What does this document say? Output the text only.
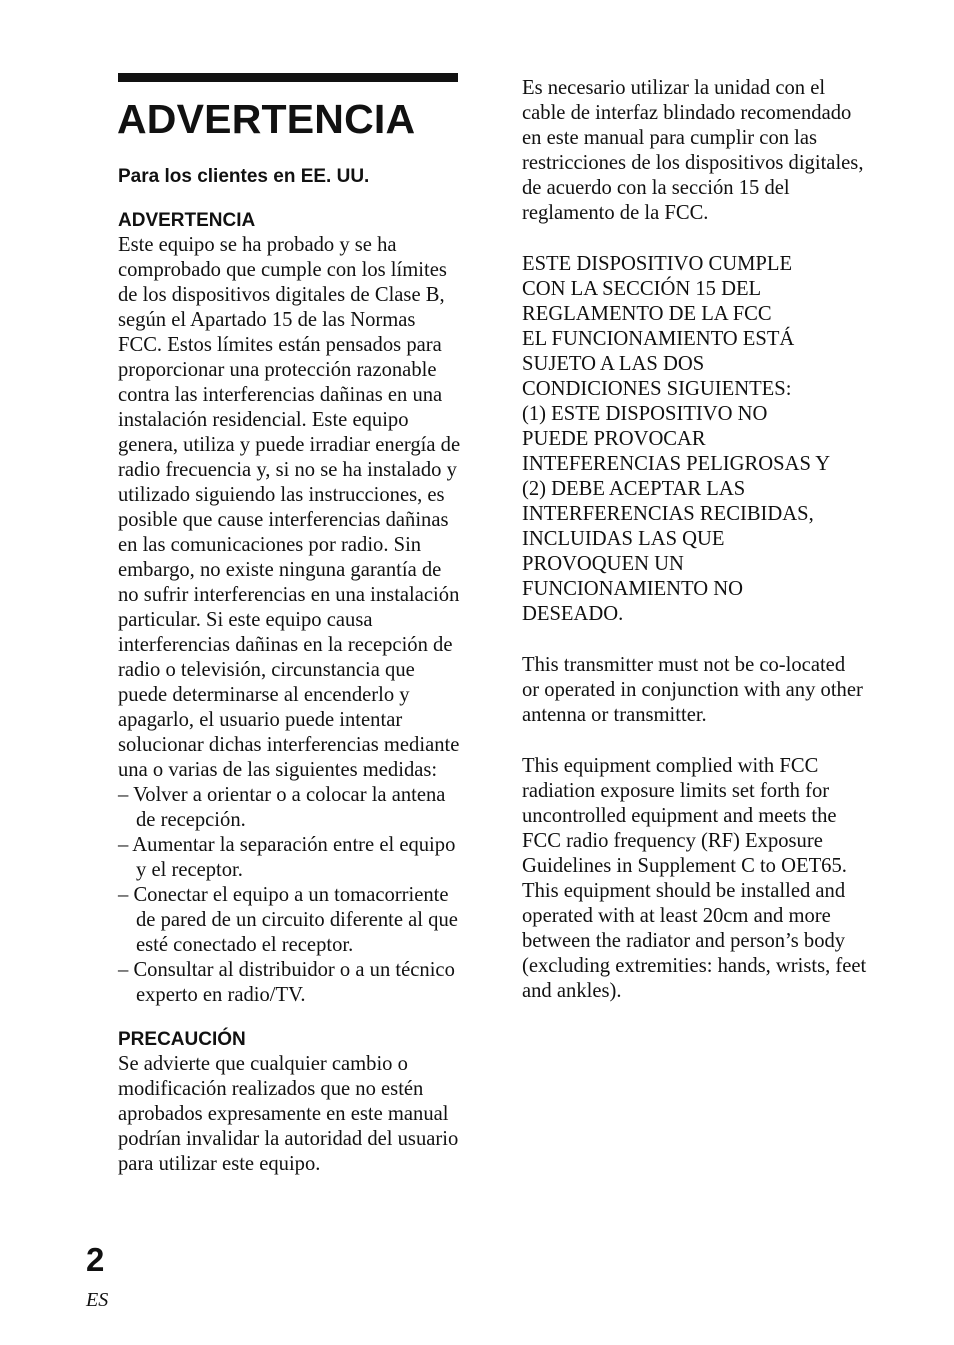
ADVERTENCIA
Para los clientes en EE. UU.
ADVERTENCIA

Este equipo se ha probado y se ha comprobado que cumple con los límites de los dispositivos digitales de Clase B, según el Apartado 15 de las Normas FCC. Estos límites están pensados para proporcionar una protección razonable contra las interferencias dañinas en una instalación residencial. Este equipo genera, utiliza y puede irradiar energía de radio frecuencia y, si no se ha instalado y utilizado siguiendo las instrucciones, es posible que cause interferencias dañinas en las comunicaciones por radio. Sin embargo, no existe ninguna garantía de no sufrir interferencias en una instalación particular. Si este equipo causa interferencias dañinas en la recepción de radio o televisión, circunstancia que puede determinarse al encenderlo y apagarlo, el usuario puede intentar solucionar dichas interferencias mediante una o varias de las siguientes medidas:

– Volver a orientar o a colocar la antena de recepción.
– Aumentar la separación entre el equipo y el receptor.
– Conectar el equipo a un tomacorriente de pared de un circuito diferente al que esté conectado el receptor.
– Consultar al distribuidor o a un técnico experto en radio/TV.
PRECAUCIÓN

Se advierte que cualquier cambio o modificación realizados que no estén aprobados expresamente en este manual podrían invalidar la autoridad del usuario para utilizar este equipo.

Es necesario utilizar la unidad con el cable de interfaz blindado recomendado en este manual para cumplir con las restricciones de los dispositivos digitales, de acuerdo con la sección 15 del reglamento de la FCC.

ESTE DISPOSITIVO CUMPLE
CON LA SECCIÓN 15 DEL
REGLAMENTO DE LA FCC
EL FUNCIONAMIENTO ESTÁ
SUJETO A LAS DOS
CONDICIONES SIGUIENTES:
(1) ESTE DISPOSITIVO NO
PUEDE PROVOCAR
INTEFERENCIAS PELIGROSAS Y
(2) DEBE ACEPTAR LAS
INTERFERENCIAS RECIBIDAS,
INCLUIDAS LAS QUE
PROVOQUEN UN
FUNCIONAMIENTO NO
DESEADO.

This transmitter must not be co-located or operated in conjunction with any other antenna or transmitter.

This equipment complied with FCC radiation exposure limits set forth for uncontrolled equipment and meets the FCC radio frequency (RF) Exposure Guidelines in Supplement C to OET65. This equipment should be installed and operated with at least 20cm and more between the radiator and person’s body (excluding extremities: hands, wrists, feet and ankles).

2
ES
